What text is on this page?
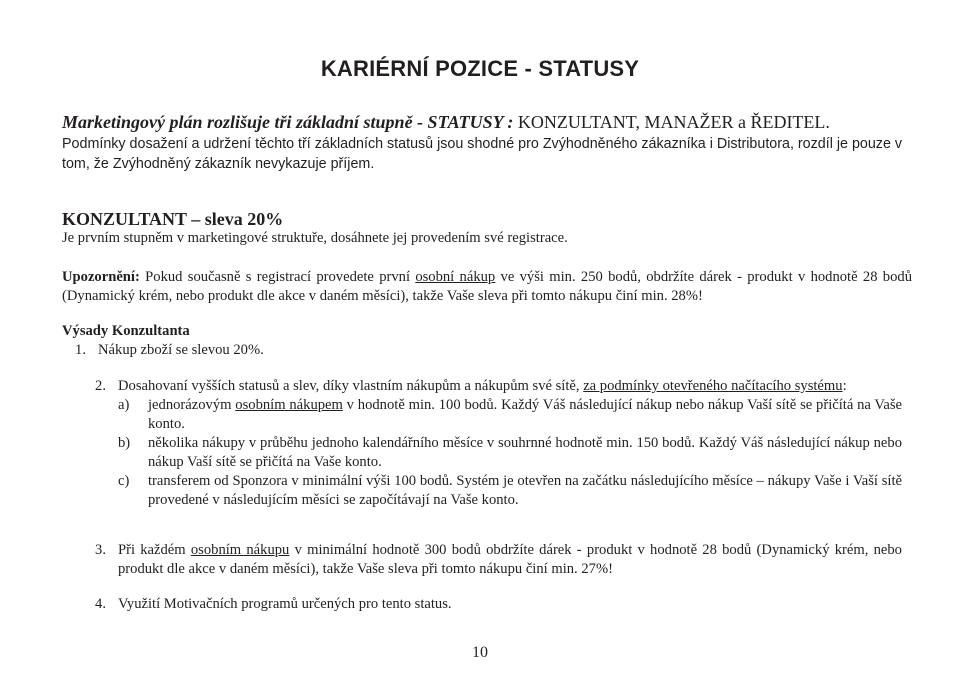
KARIÉRNÍ POZICE - STATUSY
Marketingový plán rozlišuje tři základní stupně - STATUSY : KONZULTANT, MANAŽER a ŘEDITEL.
Podmínky dosažení a udržení těchto tří základních statusů jsou shodné pro Zvýhodněného zákazníka i Distributora, rozdíl je pouze v tom, že Zvýhodněný zákazník nevykazuje příjem.
KONZULTANT – sleva 20%
Je prvním stupněm v marketingové struktuře, dosáhnete jej provedením své registrace.
Upozornění: Pokud současně s registrací provedete první osobní nákup ve výši min. 250 bodů, obdržíte dárek - produkt v hodnotě 28 bodů (Dynamický krém, nebo produkt dle akce v daném měsíci), takže Vaše sleva při tomto nákupu činí min. 28%!
Výsady Konzultanta
1. Nákup zboží se slevou 20%.
2. Dosahovaní vyšších statusů a slev, díky vlastním nákupům a nákupům své sítě, za podmínky otevřeného načítacího systému:
a)	jednorázovým osobním nákupem v hodnotě min. 100 bodů. Každý Váš následující nákup nebo nákup Vaší sítě se přičítá na Vaše konto.
b)	několika nákupy v průběhu jednoho kalendářního měsíce v souhrnné hodnotě min. 150 bodů. Každý Váš následující nákup nebo nákup Vaší sítě se přičítá na Vaše konto.
c)	transferem od Sponzora v minimální výši 100 bodů. Systém je otevřen na začátku následujícího měsíce – nákupy Vaše i Vaší sítě provedené v následujícím měsíci se započítávají na Vaše konto.
3. Při každém osobním nákupu v minimální hodnotě 300 bodů obdržíte dárek - produkt v hodnotě 28 bodů (Dynamický krém, nebo produkt dle akce v daném měsíci), takže Vaše sleva při tomto nákupu činí min. 27%!
4. Využití Motivačních programů určených pro tento status.
10
